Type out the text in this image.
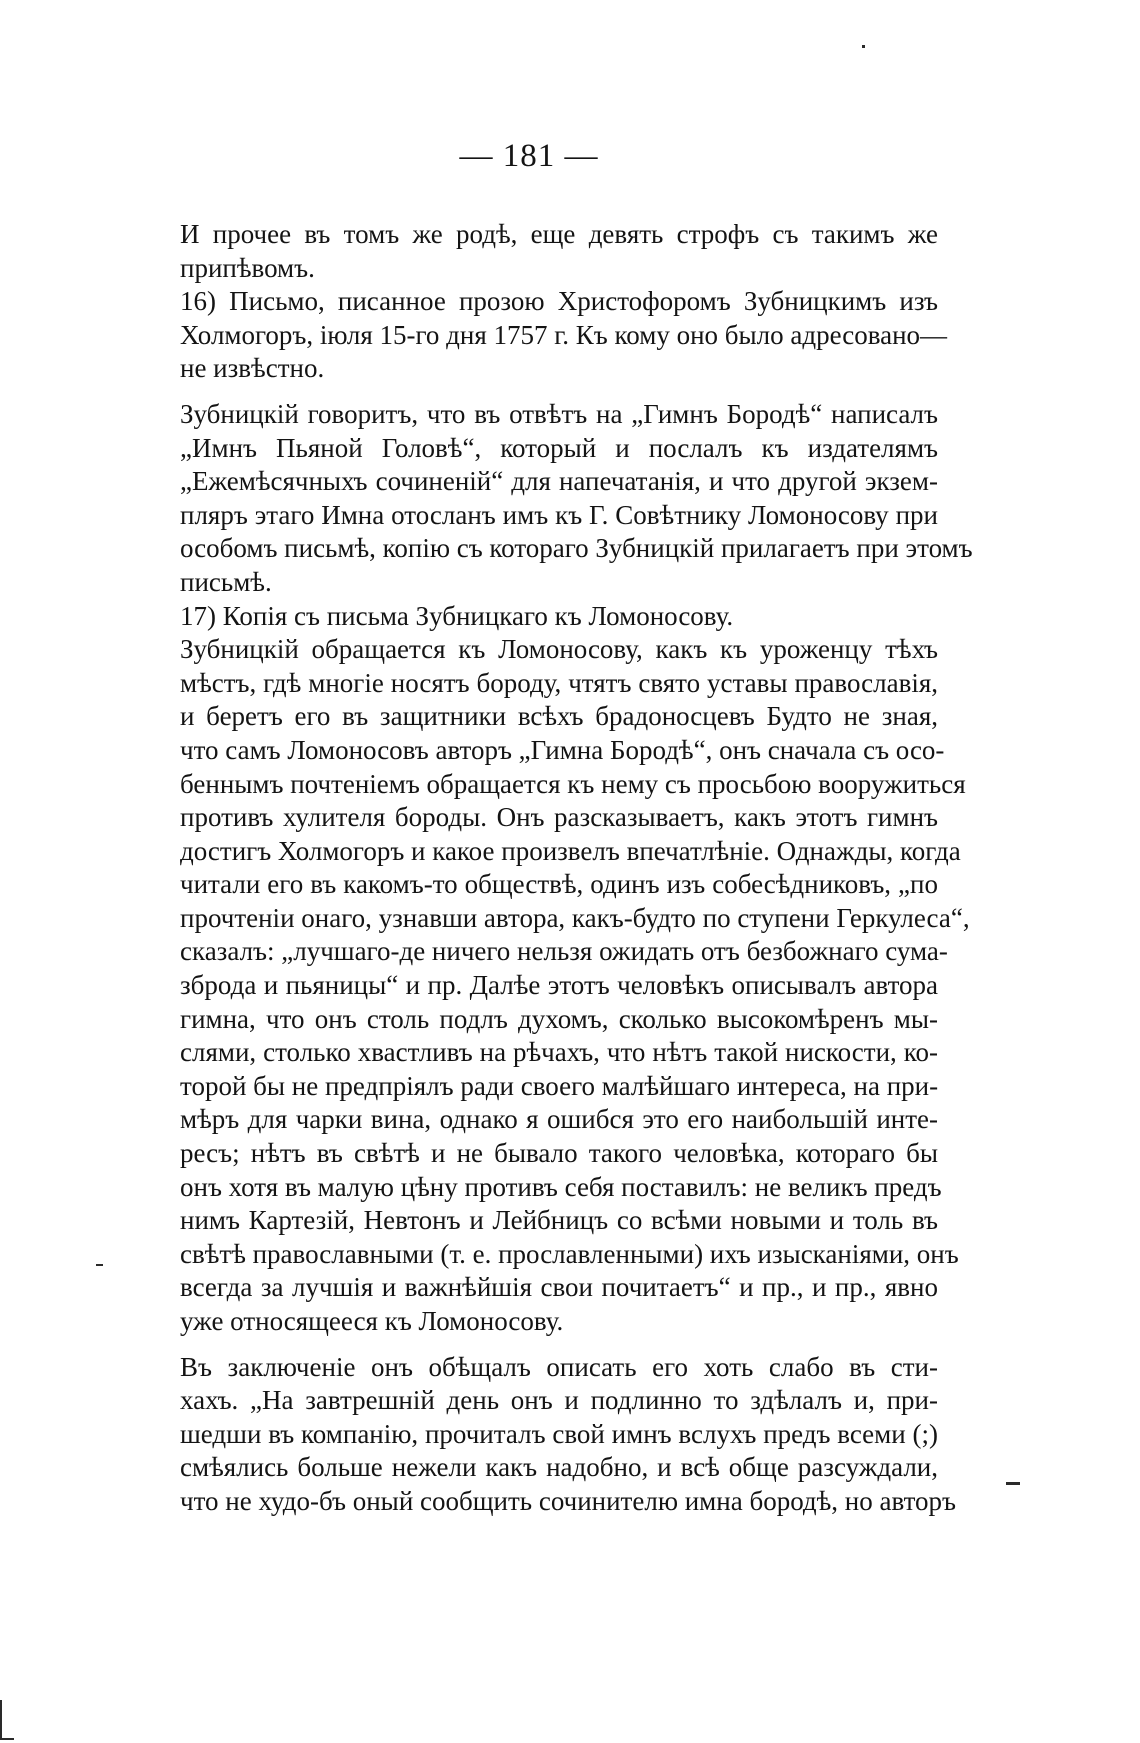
— 181 —
И прочее въ томъ же родѣ, еще девять строфъ съ такимъ же
припѣвомъ.
16) Письмо, писанное прозою Христофоромъ Зубницкимъ изъ
Холмогоръ, іюля 15-го дня 1757 г. Къ кому оно было адресовано—
не извѣстно.
Зубницкій говоритъ, что въ отвѣтъ на „Гимнъ Бородѣ“ написалъ „Имнъ Пьяной Головѣ“, который и послалъ къ издателямъ
„Ежемѣсячныхъ сочиненій“ для напечатанія, и что другой экзем-
пляръ этаго Имна отосланъ имъ къ Г. Совѣтнику Ломоносову при
особомъ письмѣ, копію съ котораго Зубницкій прилагаетъ при этомъ
письмѣ.
17) Копія съ письма Зубницкаго къ Ломоносову.
Зубницкій обращается къ Ломоносову, какъ къ уроженцу тѣхъ
мѣстъ, гдѣ многіе носятъ бороду, чтятъ свято уставы православія,
и беретъ его въ защитники всѣхъ брадоносцевъ Будто не зная,
что самъ Ломоносовъ авторъ „Гимна Бородѣ“, онъ сначала съ осо-
беннымъ почтеніемъ обращается къ нему съ просьбою вооружиться
противъ хулителя бороды. Онъ разсказываетъ, какъ этотъ гимнъ
достигъ Холмогоръ и какое произвелъ впечатлѣніе. Однажды, когда
читали его въ какомъ-то обществѣ, одинъ изъ собесѣдниковъ, „по
прочтеніи онаго, узнавши автора, какъ-будто по ступени Геркулеса“,
сказалъ: „лучшаго-де ничего нельзя ожидать отъ безбожнаго сума-
зброда и пьяницы“ и пр. Далѣе этотъ человѣкъ описывалъ автора
гимна, что онъ столь подлъ духомъ, сколько высокомѣренъ мы-
слями, столько хвастливъ на рѣчахъ, что нѣтъ такой нискости, ко-
торой бы не предпріялъ ради своего малѣйшаго интереса, на при-
мѣръ для чарки вина, однако я ошибся это его наибольшій инте-
ресъ; нѣтъ въ свѣтѣ и не бывало такого человѣка, котораго бы
онъ хотя въ малую цѣну противъ себя поставилъ: не великъ предъ
нимъ Картезій, Невтонъ и Лейбницъ со всѣми новыми и толь въ
свѣтѣ православными (т. е. прославленными) ихъ изысканіями, онъ
всегда за лучшія и важнѣйшія свои почитаетъ“ и пр., и пр., явно
уже относящееся къ Ломоносову.
Въ заключеніе онъ обѣщалъ описать его хоть слабо въ сти-
хахъ. „На завтрешній день онъ и подлинно то здѣлалъ и, при-
шедши въ компанію, прочиталъ свой имнъ вслухъ предъ всеми (;)
смѣялись больше нежели какъ надобно, и всѣ обще разсуждали,
что не худо-бъ оный сообщить сочинителю имна бородѣ, но авторъ
